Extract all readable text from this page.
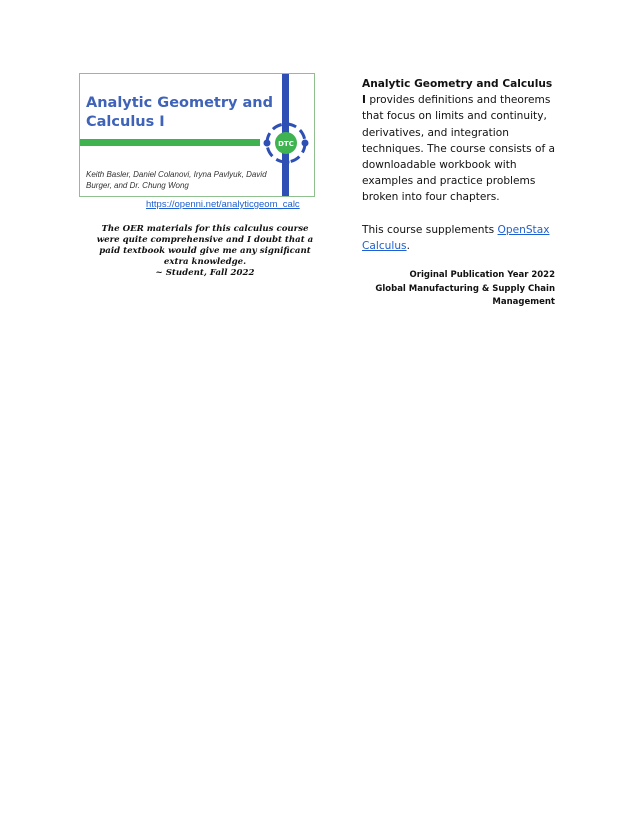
Analytic Geometry and Calculus I
DTC
Keith Basler, Daniel Colanovi, Iryna Pavlyuk, David Burger, and Dr. Chung Wong
https://openni.net/analyticgeom_calc

The OER materials for this calculus course

were quite comprehensive and I doubt that a

paid textbook would give me any significant

extra knowledge.

~ Student, Fall 2022

Analytic Geometry and Calculus I provides definitions and theorems that focus on limits and continuity, derivatives, and integration techniques. The course consists of a downloadable workbook with examples and practice problems broken into four chapters.

This course supplements OpenStax Calculus.

Original Publication Year 2022

Global Manufacturing & Supply Chain Management
